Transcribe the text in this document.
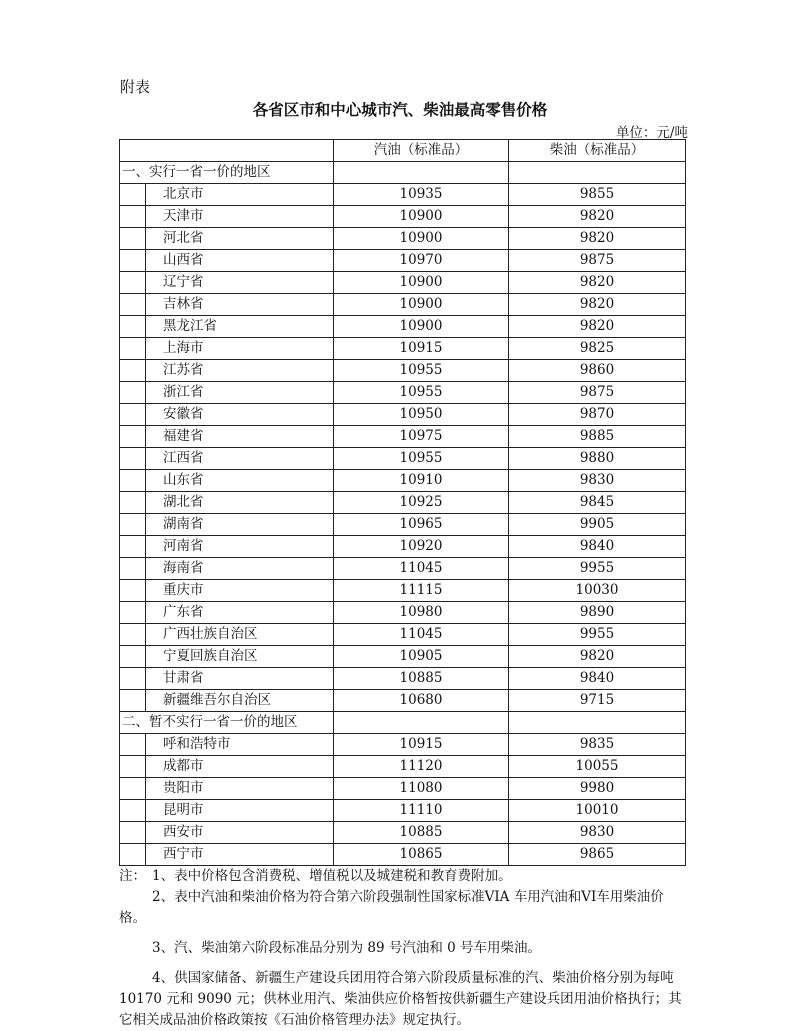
附表
各省区市和中心城市汽、柴油最高零售价格
单位：元/吨
		汽油（标准品）	柴油（标准品）
一、实行一省一价的地区			
	北京市	10935	9855
	天津市	10900	9820
	河北省	10900	9820
	山西省	10970	9875
	辽宁省	10900	9820
	吉林省	10900	9820
	黑龙江省	10900	9820
	上海市	10915	9825
	江苏省	10955	9860
	浙江省	10955	9875
	安徽省	10950	9870
	福建省	10975	9885
	江西省	10955	9880
	山东省	10910	9830
	湖北省	10925	9845
	湖南省	10965	9905
	河南省	10920	9840
	海南省	11045	9955
	重庆市	11115	10030
	广东省	10980	9890
	广西壮族自治区	11045	9955
	宁夏回族自治区	10905	9820
	甘肃省	10885	9840
	新疆维吾尔自治区	10680	9715
二、暂不实行一省一价的地区			
	呼和浩特市	10915	9835
	成都市	11120	10055
	贵阳市	11080	9980
	昆明市	11110	10010
	西安市	10885	9830
	西宁市	10865	9865

注： 1、表中价格包含消费税、增值税以及城建税和教育费附加。

2、表中汽油和柴油价格为符合第六阶段强制性国家标准VIA 车用汽油和VI车用柴油价格。

3、汽、柴油第六阶段标准品分别为 89 号汽油和 0 号车用柴油。

4、供国家储备、新疆生产建设兵团用符合第六阶段质量标准的汽、柴油价格分别为每吨 10170 元和 9090 元；供林业用汽、柴油供应价格暂按供新疆生产建设兵团用油价格执行；其它相关成品油价格政策按《石油价格管理办法》规定执行。
